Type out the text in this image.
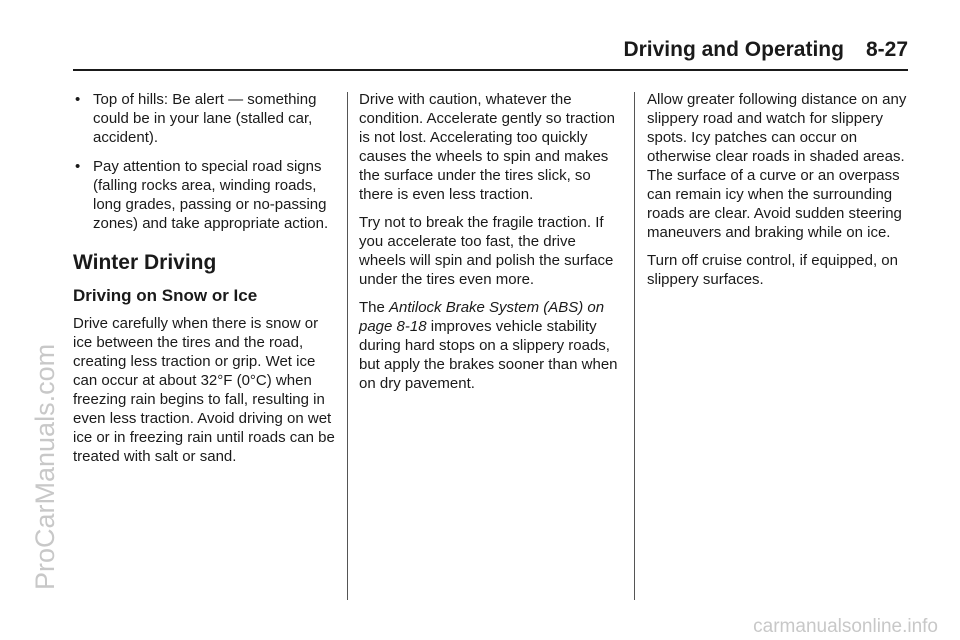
Driving and Operating 8-27
• Top of hills: Be alert — something could be in your lane (stalled car, accident).
• Pay attention to special road signs (falling rocks area, winding roads, long grades, passing or no-passing zones) and take appropriate action.
Winter Driving
Driving on Snow or Ice

Drive carefully when there is snow or ice between the tires and the road, creating less traction or grip. Wet ice can occur at about 32°F (0°C) when freezing rain begins to fall, resulting in even less traction. Avoid driving on wet ice or in freezing rain until roads can be treated with salt or sand.

Drive with caution, whatever the condition. Accelerate gently so traction is not lost. Accelerating too quickly causes the wheels to spin and makes the surface under the tires slick, so there is even less traction.

Try not to break the fragile traction. If you accelerate too fast, the drive wheels will spin and polish the surface under the tires even more.

The Antilock Brake System (ABS) on page 8-18 improves vehicle stability during hard stops on a slippery roads, but apply the brakes sooner than when on dry pavement.

Allow greater following distance on any slippery road and watch for slippery spots. Icy patches can occur on otherwise clear roads in shaded areas. The surface of a curve or an overpass can remain icy when the surrounding roads are clear. Avoid sudden steering maneuvers and braking while on ice.

Turn off cruise control, if equipped, on slippery surfaces.

ProCarManuals.com
carmanualsonline.info
